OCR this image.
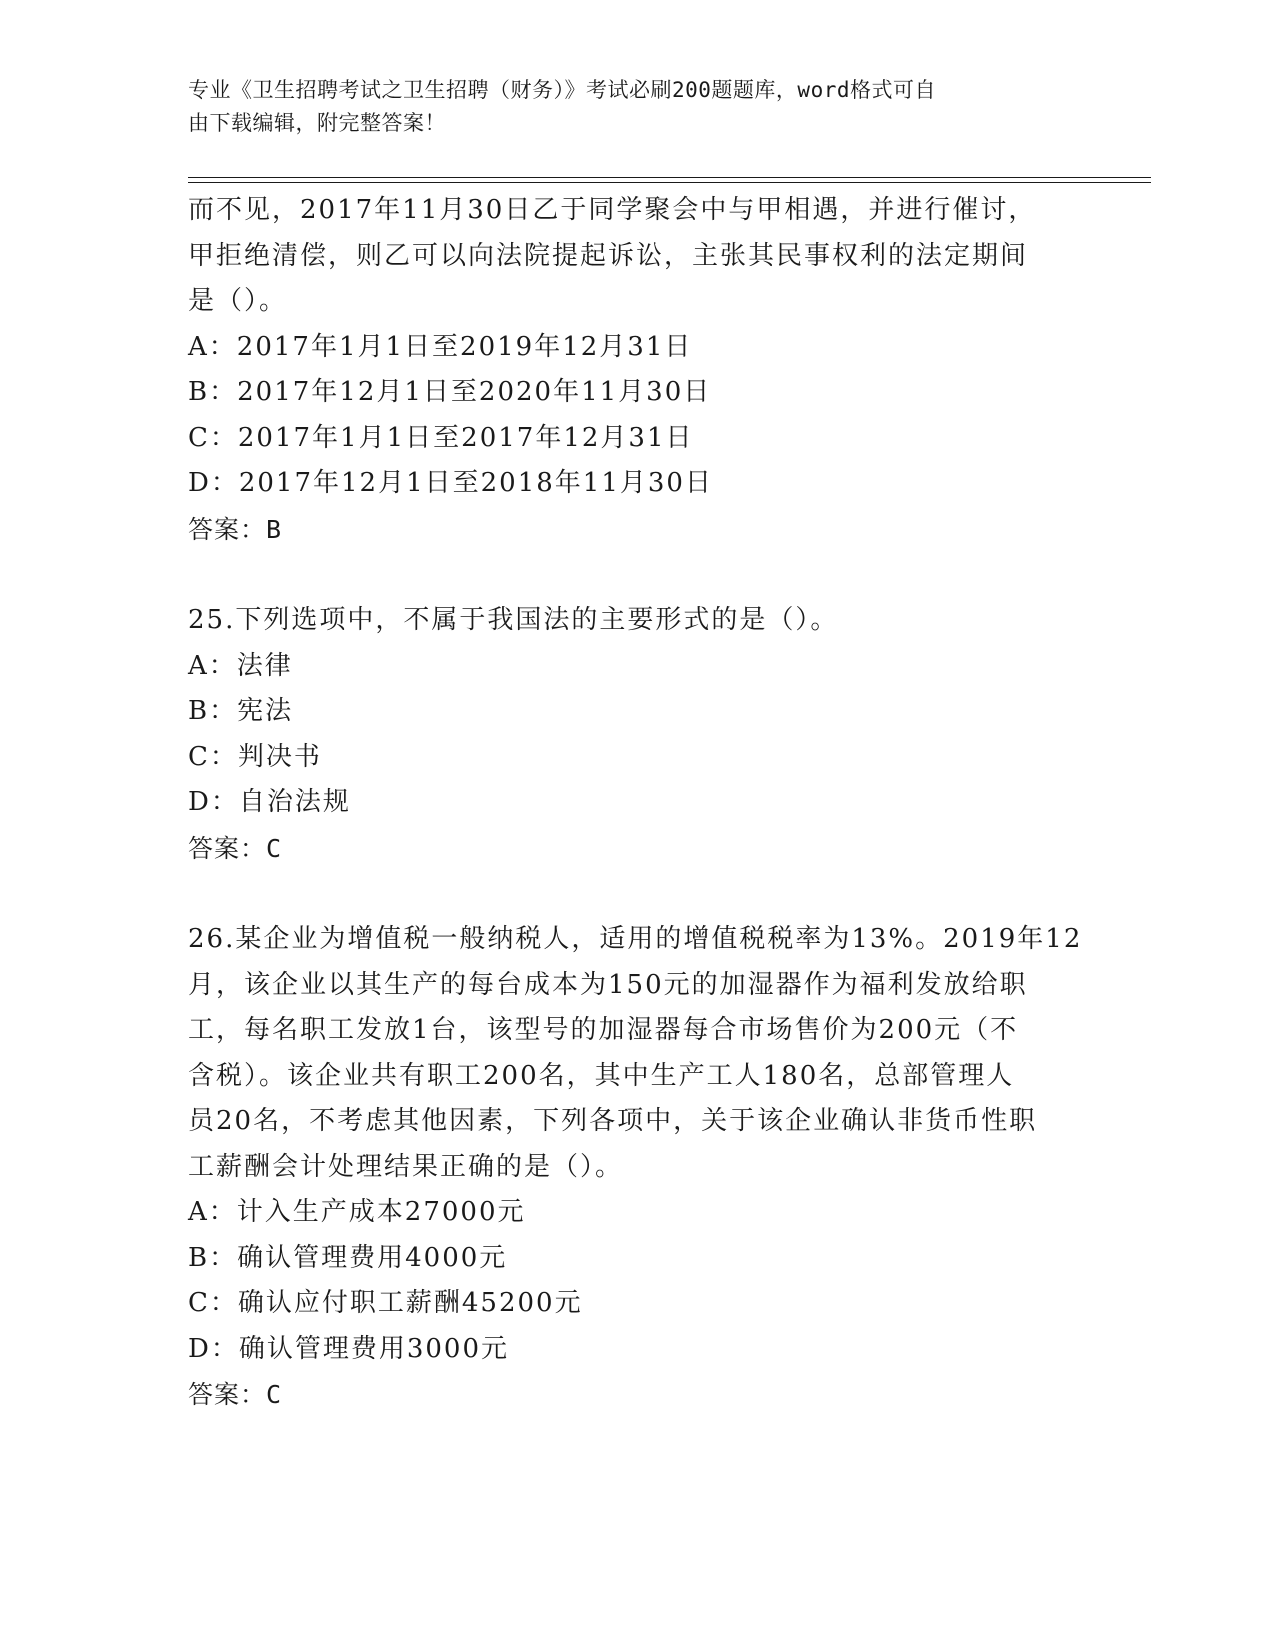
专业《卫生招聘考试之卫生招聘（财务）》考试必刷200题题库，word格式可自
由下载编辑，附完整答案！
而不见，2017年11月30日乙于同学聚会中与甲相遇，并进行催讨，
甲拒绝清偿，则乙可以向法院提起诉讼，主张其民事权利的法定期间
是（）。
A：2017年1月1日至2019年12月31日
B：2017年12月1日至2020年11月30日
C：2017年1月1日至2017年12月31日
D：2017年12月1日至2018年11月30日
答案：B
25.下列选项中，不属于我国法的主要形式的是（）。
A：法律
B：宪法
C：判决书
D：自治法规
答案：C
26.某企业为增值税一般纳税人，适用的增值税税率为13%。2019年12
月，该企业以其生产的每台成本为150元的加湿器作为福利发放给职
工，每名职工发放1台，该型号的加湿器每合市场售价为200元（不
含税）。该企业共有职工200名，其中生产工人180名，总部管理人
员20名，不考虑其他因素，下列各项中，关于该企业确认非货币性职
工薪酬会计处理结果正确的是（）。
A：计入生产成本27000元
B：确认管理费用4000元
C：确认应付职工薪酬45200元
D：确认管理费用3000元
答案：C
